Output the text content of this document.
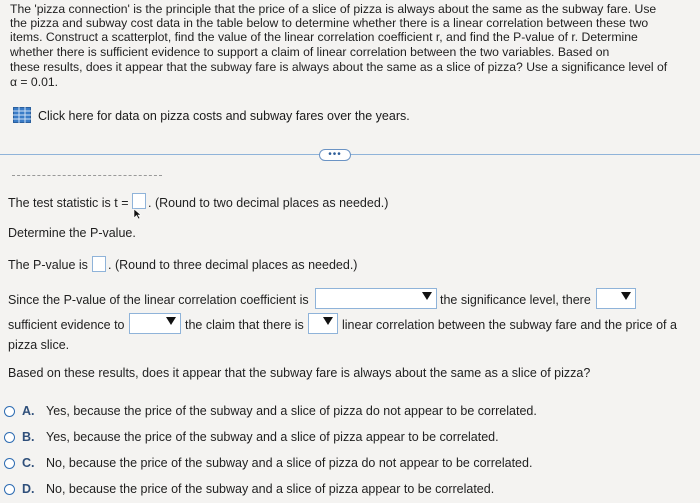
The 'pizza connection' is the principle that the price of a slice of pizza is always about the same as the subway fare. Use
the pizza and subway cost data in the table below to determine whether there is a linear correlation between these two
items. Construct a scatterplot, find the value of the linear correlation coefficient r, and find the P-value of r. Determine
whether there is sufficient evidence to support a claim of linear correlation between the two variables. Based on
these results, does it appear that the subway fare is always about the same as a slice of pizza? Use a significance level of
α = 0.01.
Click here for data on pizza costs and subway fares over the years.
•••
The test statistic is t = . (Round to two decimal places as needed.)
Determine the P-value.
The P-value is . (Round to three decimal places as needed.)
Since the P-value of the linear correlation coefficient is	the significance level, there
sufficient evidence to	the claim that there is	linear correlation between the subway fare and the price of a
pizza slice.
Based on these results, does it appear that the subway fare is always about the same as a slice of pizza?
A. Yes, because the price of the subway and a slice of pizza do not appear to be correlated.
B. Yes, because the price of the subway and a slice of pizza appear to be correlated.
C. No, because the price of the subway and a slice of pizza do not appear to be correlated.
D. No, because the price of the subway and a slice of pizza appear to be correlated.
